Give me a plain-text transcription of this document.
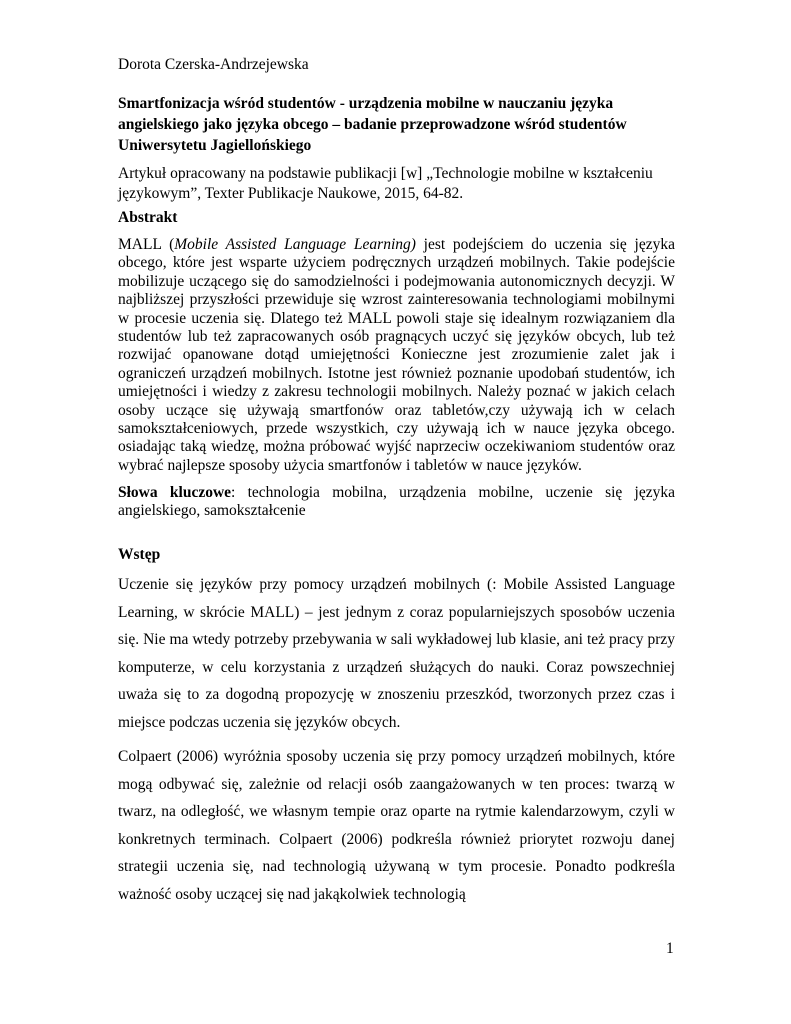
Dorota Czerska-Andrzejewska
Smartfonizacja wśród studentów - urządzenia mobilne w nauczaniu języka angielskiego jako języka obcego – badanie przeprowadzone wśród studentów Uniwersytetu Jagiellońskiego
Artykuł opracowany na podstawie publikacji [w] „Technologie mobilne w kształceniu językowym”, Texter Publikacje Naukowe, 2015, 64-82.
Abstrakt
MALL (Mobile Assisted Language Learning) jest podejściem do uczenia się języka obcego, które jest wsparte użyciem podręcznych urządzeń mobilnych. Takie podejście mobilizuje uczącego się do samodzielności i podejmowania autonomicznych decyzji. W najbliższej przyszłości przewiduje się wzrost zainteresowania technologiami mobilnymi w procesie uczenia się. Dlatego też MALL powoli staje się idealnym rozwiązaniem dla studentów lub też zapracowanych osób pragnących uczyć się języków obcych, lub też rozwijać opanowane dotąd umiejętności Konieczne jest zrozumienie zalet jak i ograniczeń urządzeń mobilnych. Istotne jest również poznanie upodobań studentów, ich umiejętności i wiedzy z zakresu technologii mobilnych. Należy poznać w jakich celach osoby uczące się używają smartfonów oraz tabletów,czy używają ich w celach samokształceniowych, przede wszystkich, czy używają ich w nauce języka obcego. osiadając taką wiedzę, można próbować wyjść naprzeciw oczekiwaniom studentów oraz wybrać najlepsze sposoby użycia smartfonów i tabletów w nauce języków.
Słowa kluczowe: technologia mobilna, urządzenia mobilne, uczenie się języka angielskiego, samokształcenie
Wstęp
Uczenie się języków przy pomocy urządzeń mobilnych (: Mobile Assisted Language Learning, w skrócie MALL) – jest jednym z coraz popularniejszych sposobów uczenia się. Nie ma wtedy potrzeby przebywania w sali wykładowej lub klasie, ani też pracy przy komputerze, w celu korzystania z urządzeń służących do nauki. Coraz powszechniej uważa się to za dogodną propozycję w znoszeniu przeszkód, tworzonych przez czas i miejsce podczas uczenia się języków obcych.
Colpaert (2006) wyróżnia sposoby uczenia się przy pomocy urządzeń mobilnych, które mogą odbywać się, zależnie od relacji osób zaangażowanych w ten proces: twarzą w twarz, na odległość, we własnym tempie oraz oparte na rytmie kalendarzowym, czyli w konkretnych terminach. Colpaert (2006) podkreśla również priorytet rozwoju danej strategii uczenia się, nad technologią używaną w tym procesie. Ponadto podkreśla ważność osoby uczącej się nad jakąkolwiek technologią
1
